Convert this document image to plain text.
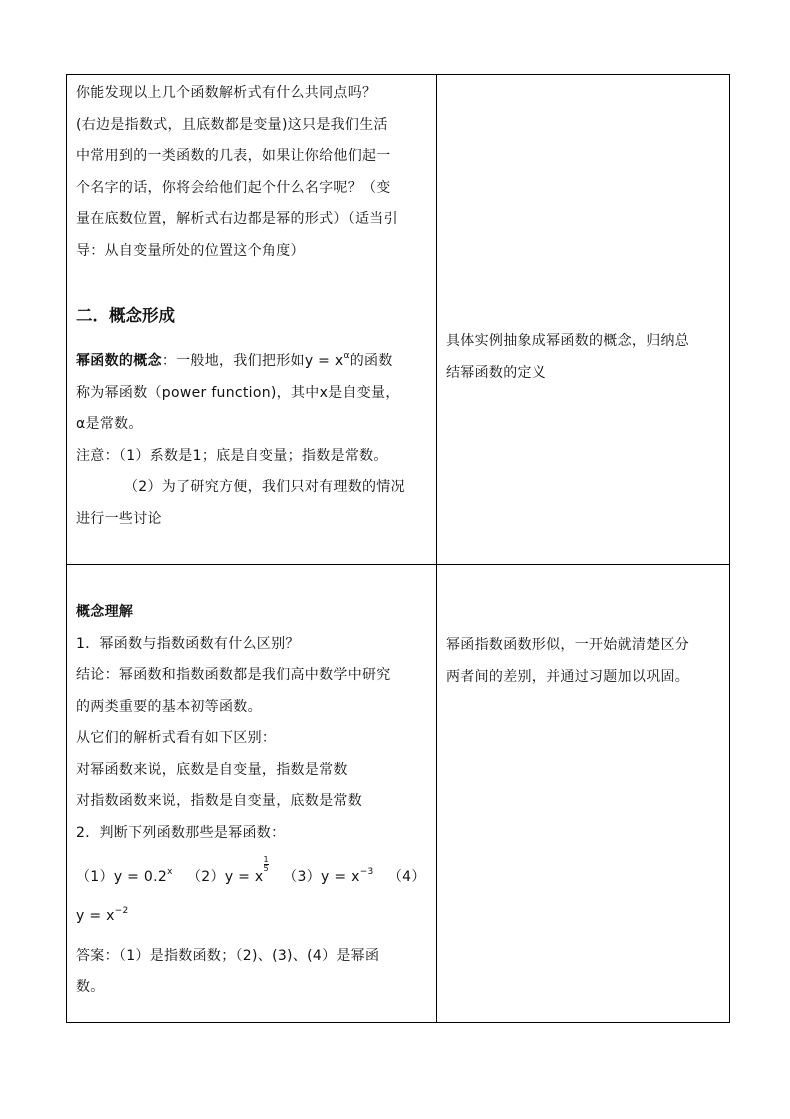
你能发现以上几个函数解析式有什么共同点吗？

(右边是指数式，且底数都是变量)这只是我们生活

中常用到的一类函数的几表，如果让你给他们起一

个名字的话，你将会给他们起个什么名字呢？（变

量在底数位置，解析式右边都是幂的形式）（适当引

导：从自变量所处的位置这个角度）

二．概念形成

幂函数的概念：一般地，我们把形如$y = x^\alpha$的函数

称为幂函数（power function)，其中x是自变量，

α是常数。

注意：（1）系数是1；底是自变量；指数是常数。

（2）为了研究方便，我们只对有理数的情况

进行一些讨论

具体实例抽象成幂函数的概念，归纳总

结幂函数的定义

概念理解

1．幂函数与指数函数有什么区别？

结论：幂函数和指数函数都是我们高中数学中研究

的两类重要的基本初等函数。

从它们的解析式看有如下区别：

对幂函数来说，底数是自变量，指数是常数

对指数函数来说，指数是自变量，底数是常数

2．判断下列函数那些是幂函数：

$(1)y = 0.2^x$ （2）y = x
$\frac{1}{5}$
$(3)y = x^{-3}$ （4）

$y = x^{-2}$

答案：（1）是指数函数；（2)、(3)、(4）是幂函

数。

幂函指数函数形似，一开始就清楚区分

两者间的差别，并通过习题加以巩固。
